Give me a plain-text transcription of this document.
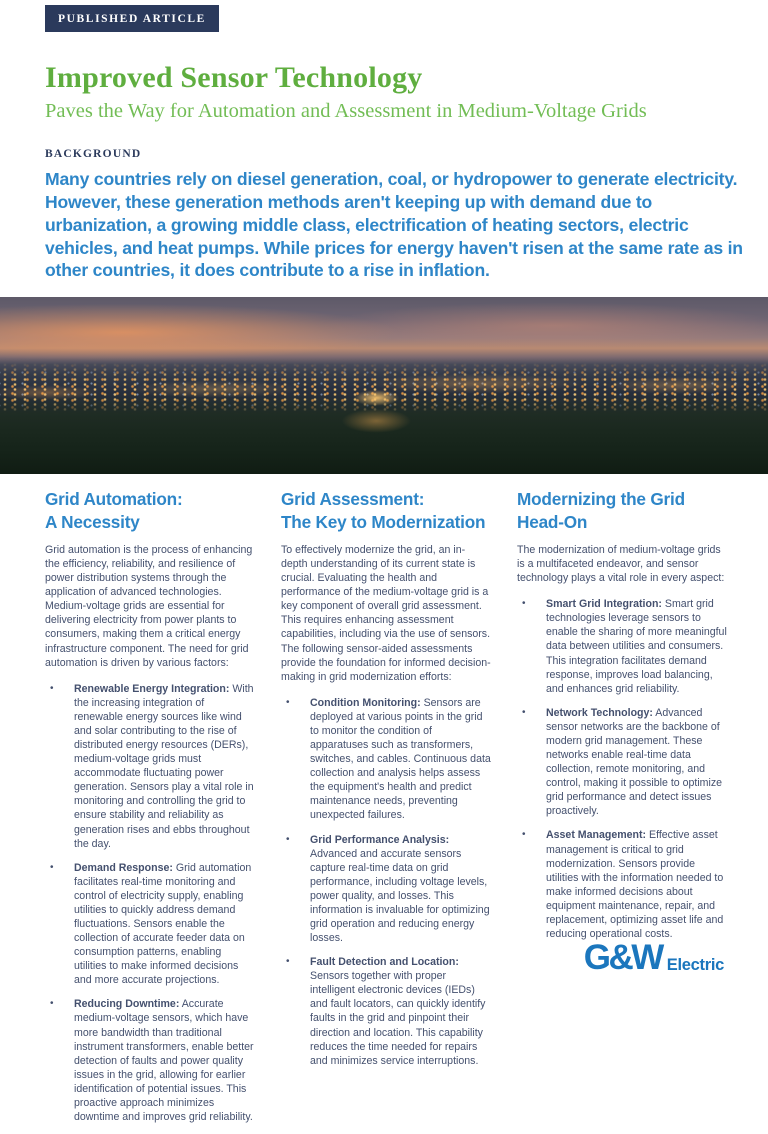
PUBLISHED ARTICLE
Improved Sensor Technology
Paves the Way for Automation and Assessment in Medium-Voltage Grids
BACKGROUND

Many countries rely on diesel generation, coal, or hydropower to generate electricity. However, these generation methods aren't keeping up with demand due to urbanization, a growing middle class, electrification of heating sectors, electric vehicles, and heat pumps. While prices for energy haven't risen at the same rate as in other countries, it does contribute to a rise in inflation.

Grid Automation:
A Necessity

Grid automation is the process of enhancing the efficiency, reliability, and resilience of power distribution systems through the application of advanced technologies. Medium-voltage grids are essential for delivering electricity from power plants to consumers, making them a critical energy infrastructure component. The need for grid automation is driven by various factors:

• Renewable Energy Integration: With the increasing integration of renewable energy sources like wind and solar contributing to the rise of distributed energy resources (DERs), medium-voltage grids must accommodate fluctuating power generation. Sensors play a vital role in monitoring and controlling the grid to ensure stability and reliability as generation rises and ebbs throughout the day.
• Demand Response: Grid automation facilitates real-time monitoring and control of electricity supply, enabling utilities to quickly address demand fluctuations. Sensors enable the collection of accurate feeder data on consumption patterns, enabling utilities to make informed decisions and more accurate projections.
• Reducing Downtime: Accurate medium-voltage sensors, which have more bandwidth than traditional instrument transformers, enable better detection of faults and power quality issues in the grid, allowing for earlier identification of potential issues. This proactive approach minimizes downtime and improves grid reliability.
Grid Assessment:
The Key to Modernization

To effectively modernize the grid, an in-depth understanding of its current state is crucial. Evaluating the health and performance of the medium-voltage grid is a key component of overall grid assessment. This requires enhancing assessment capabilities, including via the use of sensors. The following sensor-aided assessments provide the foundation for informed decision-making in grid modernization efforts:

• Condition Monitoring: Sensors are deployed at various points in the grid to monitor the condition of apparatuses such as transformers, switches, and cables. Continuous data collection and analysis helps assess the equipment's health and predict maintenance needs, preventing unexpected failures.
• Grid Performance Analysis: Advanced and accurate sensors capture real-time data on grid performance, including voltage levels, power quality, and losses. This information is invaluable for optimizing grid operation and reducing energy losses.
• Fault Detection and Location: Sensors together with proper intelligent electronic devices (IEDs) and fault locators, can quickly identify faults in the grid and pinpoint their direction and location. This capability reduces the time needed for repairs and minimizes service interruptions.
Modernizing the Grid
Head-On

The modernization of medium-voltage grids is a multifaceted endeavor, and sensor technology plays a vital role in every aspect:

• Smart Grid Integration: Smart grid technologies leverage sensors to enable the sharing of more meaningful data between utilities and consumers. This integration facilitates demand response, improves load balancing, and enhances grid reliability.
• Network Technology: Advanced sensor networks are the backbone of modern grid management. These networks enable real-time data collection, remote monitoring, and control, making it possible to optimize grid performance and detect issues proactively.
• Asset Management: Effective asset management is critical to grid modernization. Sensors provide utilities with the information needed to make informed decisions about equipment maintenance, repair, and replacement, optimizing asset life and reducing operational costs.
G&W Electric
